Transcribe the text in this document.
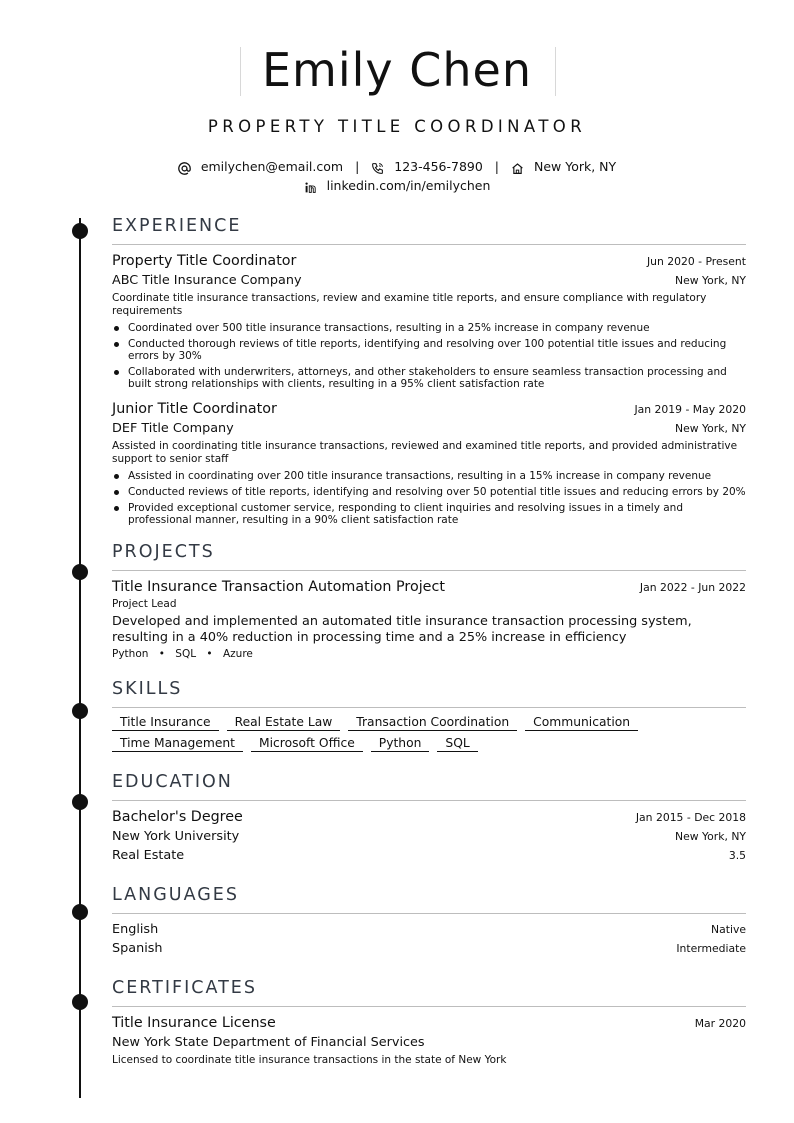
Emily Chen
PROPERTY TITLE COORDINATOR
emilychen@email.com |	123-456-7890 |	New York, NY
linkedin.com/in/emilychen
EXPERIENCE
Property Title Coordinator	Jun 2020 - Present
ABC Title Insurance Company	New York, NY
Coordinate title insurance transactions, review and examine title reports, and ensure compliance with regulatory requirements
Coordinated over 500 title insurance transactions, resulting in a 25% increase in company revenue
Conducted thorough reviews of title reports, identifying and resolving over 100 potential title issues and reducing errors by 30%
Collaborated with underwriters, attorneys, and other stakeholders to ensure seamless transaction processing and built strong relationships with clients, resulting in a 95% client satisfaction rate
Junior Title Coordinator	Jan 2019 - May 2020
DEF Title Company	New York, NY
Assisted in coordinating title insurance transactions, reviewed and examined title reports, and provided administrative support to senior staff
Assisted in coordinating over 200 title insurance transactions, resulting in a 15% increase in company revenue
Conducted reviews of title reports, identifying and resolving over 50 potential title issues and reducing errors by 20%
Provided exceptional customer service, responding to client inquiries and resolving issues in a timely and professional manner, resulting in a 90% client satisfaction rate
PROJECTS
Title Insurance Transaction Automation Project	Jan 2022 - Jun 2022
Project Lead
Developed and implemented an automated title insurance transaction processing system, resulting in a 40% reduction in processing time and a 25% increase in efficiency
Python • SQL • Azure
SKILLS
Title Insurance	Real Estate Law	Transaction Coordination	Communication
Time Management	Microsoft Office	Python	SQL
EDUCATION
Bachelor's Degree	Jan 2015 - Dec 2018
New York University	New York, NY
Real Estate	3.5
LANGUAGES
English	Native
Spanish	Intermediate
CERTIFICATES
Title Insurance License	Mar 2020
New York State Department of Financial Services
Licensed to coordinate title insurance transactions in the state of New York
